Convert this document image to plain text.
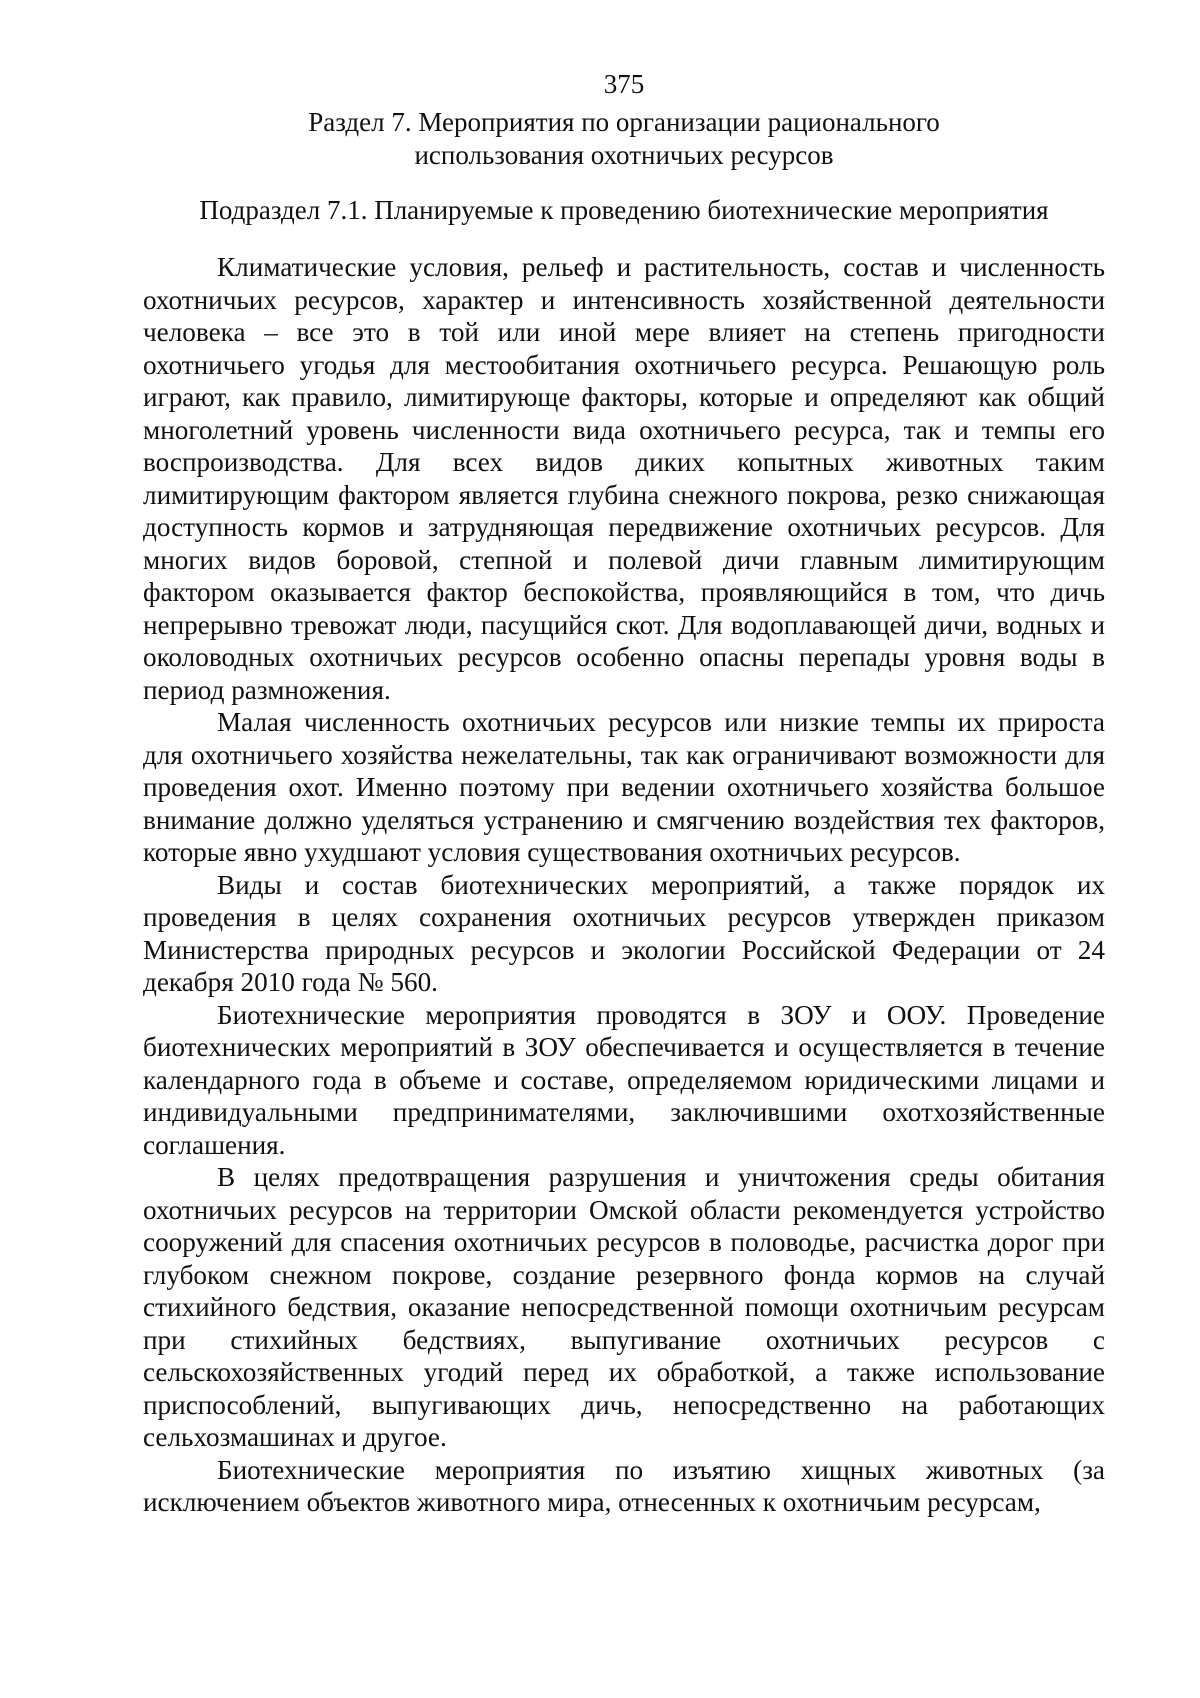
375
Раздел 7. Мероприятия по организации рационального
использования охотничьих ресурсов
Подраздел 7.1. Планируемые к проведению биотехнические мероприятия

Климатические условия, рельеф и растительность, состав и численность охотничьих ресурсов, характер и интенсивность хозяйственной деятельности человека – все это в той или иной мере влияет на степень пригодности охотничьего угодья для местообитания охотничьего ресурса. Решающую роль играют, как правило, лимитирующе факторы, которые и определяют как общий многолетний уровень численности вида охотничьего ресурса, так и темпы его воспроизводства. Для всех видов диких копытных животных таким лимитирующим фактором является глубина снежного покрова, резко снижающая доступность кормов и затрудняющая передвижение охотничьих ресурсов. Для многих видов боровой, степной и полевой дичи главным лимитирующим фактором оказывается фактор беспокойства, проявляющийся в том, что дичь непрерывно тревожат люди, пасущийся скот. Для водоплавающей дичи, водных и околоводных охотничьих ресурсов особенно опасны перепады уровня воды в период размножения.

Малая численность охотничьих ресурсов или низкие темпы их прироста для охотничьего хозяйства нежелательны, так как ограничивают возможности для проведения охот. Именно поэтому при ведении охотничьего хозяйства большое внимание должно уделяться устранению и смягчению воздействия тех факторов, которые явно ухудшают условия существования охотничьих ресурсов.

Виды и состав биотехнических мероприятий, а также порядок их проведения в целях сохранения охотничьих ресурсов утвержден приказом Министерства природных ресурсов и экологии Российской Федерации от 24 декабря 2010 года № 560.

Биотехнические мероприятия проводятся в ЗОУ и ООУ. Проведение биотехнических мероприятий в ЗОУ обеспечивается и осуществляется в течение календарного года в объеме и составе, определяемом юридическими лицами и индивидуальными предпринимателями, заключившими охотхозяйственные соглашения.

В целях предотвращения разрушения и уничтожения среды обитания охотничьих ресурсов на территории Омской области рекомендуется устройство сооружений для спасения охотничьих ресурсов в половодье, расчистка дорог при глубоком снежном покрове, создание резервного фонда кормов на случай стихийного бедствия, оказание непосредственной помощи охотничьим ресурсам при стихийных бедствиях, выпугивание охотничьих ресурсов с сельскохозяйственных угодий перед их обработкой, а также использование приспособлений, выпугивающих дичь, непосредственно на работающих сельхозмашинах и другое.

Биотехнические мероприятия по изъятию хищных животных (за исключением объектов животного мира, отнесенных к охотничьим ресурсам,
